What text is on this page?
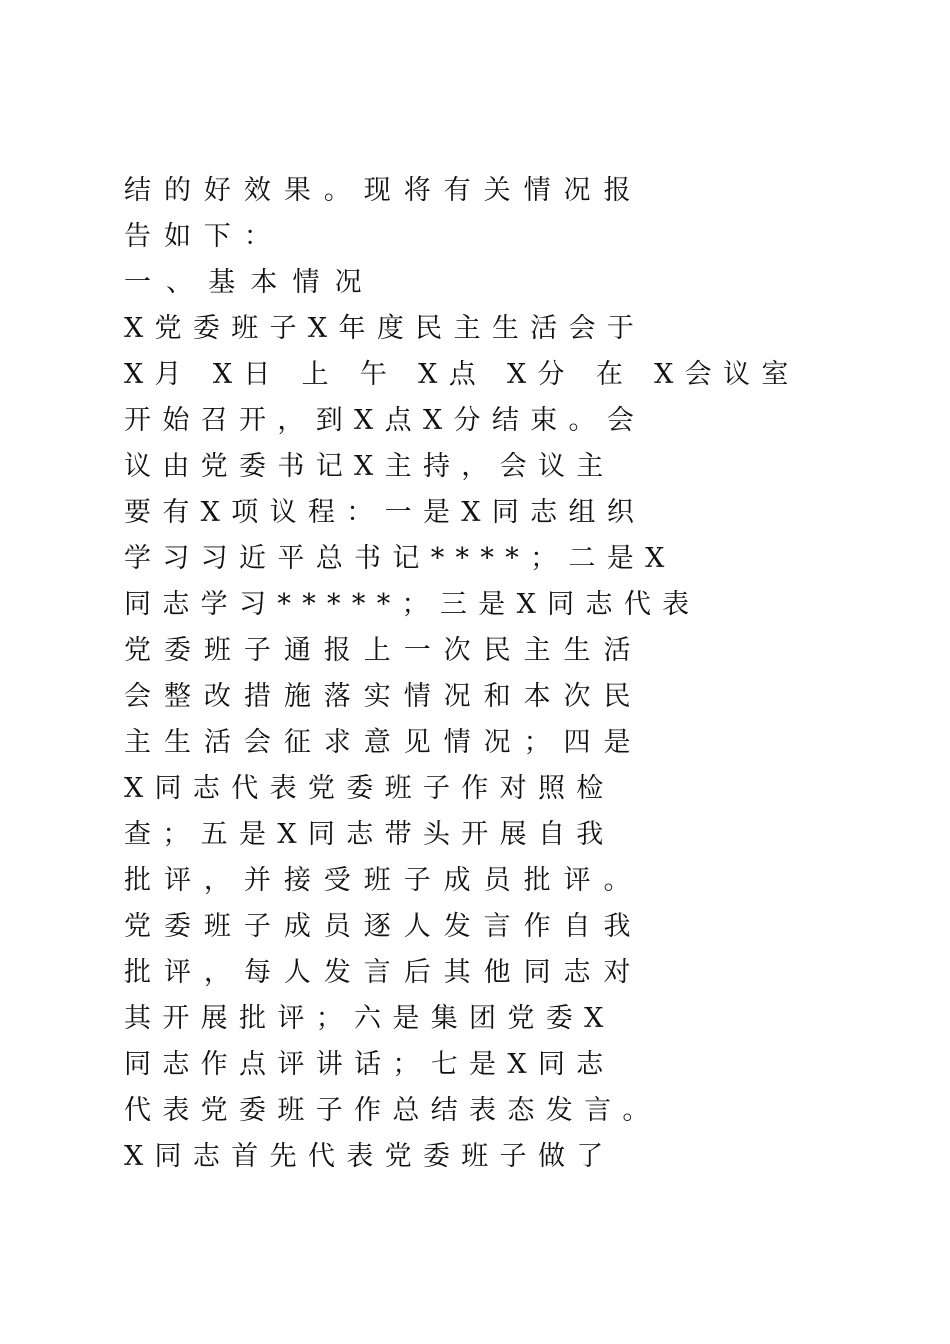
结的好效果。现将有关情况报
告如下：
一、基本情况
X党委班子X年度民主生活会于
X月 X日 上 午 X点 X分 在 X会议室
开始召开，到X点X分结束。会
议由党委书记X主持，会议主
要有X项议程：一是X同志组织
学习习近平总书记****；二是X
同志学习*****；三是X同志代表
党委班子通报上一次民主生活
会整改措施落实情况和本次民
主生活会征求意见情况；四是
X同志代表党委班子作对照检
查；五是X同志带头开展自我
批评，并接受班子成员批评。
党委班子成员逐人发言作自我
批评，每人发言后其他同志对
其开展批评；六是集团党委X
同志作点评讲话；七是X同志
代表党委班子作总结表态发言。
X同志首先代表党委班子做了
